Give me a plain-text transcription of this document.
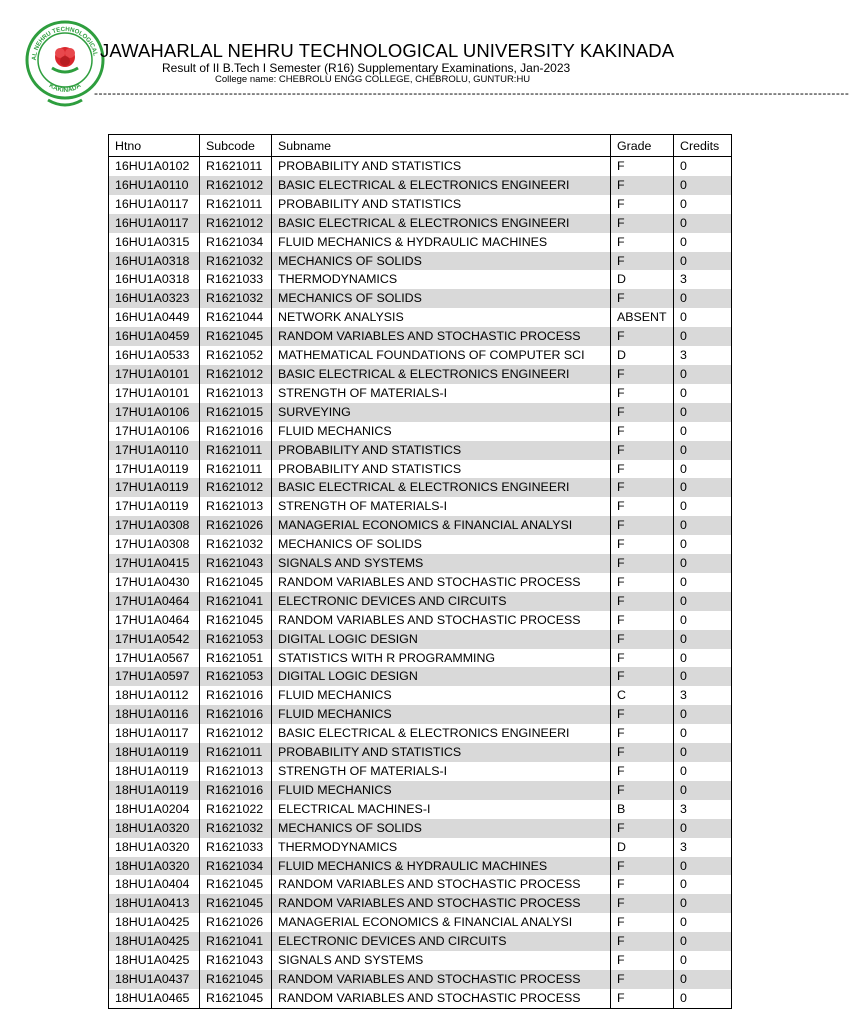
AL NEHRU TECHNOLOGICAL
KAKINADA
JAWAHARLAL NEHRU TECHNOLOGICAL UNIVERSITY KAKINADA
Result of II B.Tech I Semester (R16) Supplementary Examinations, Jan-2023
College name: CHEBROLU ENGG COLLEGE, CHEBROLU, GUNTUR:HU
------------------------------------------------------------------------------------------------------------------------------------------------------------------------
Htno	Subcode	Subname	Grade	Credits
16HU1A0102	R1621011	PROBABILITY AND STATISTICS	F	0
16HU1A0110	R1621012	BASIC ELECTRICAL & ELECTRONICS ENGINEERI	F	0
16HU1A0117	R1621011	PROBABILITY AND STATISTICS	F	0
16HU1A0117	R1621012	BASIC ELECTRICAL & ELECTRONICS ENGINEERI	F	0
16HU1A0315	R1621034	FLUID MECHANICS & HYDRAULIC MACHINES	F	0
16HU1A0318	R1621032	MECHANICS OF SOLIDS	F	0
16HU1A0318	R1621033	THERMODYNAMICS	D	3
16HU1A0323	R1621032	MECHANICS OF SOLIDS	F	0
16HU1A0449	R1621044	NETWORK ANALYSIS	ABSENT	0
16HU1A0459	R1621045	RANDOM VARIABLES AND STOCHASTIC PROCESS	F	0
16HU1A0533	R1621052	MATHEMATICAL FOUNDATIONS OF COMPUTER SCI	D	3
17HU1A0101	R1621012	BASIC ELECTRICAL & ELECTRONICS ENGINEERI	F	0
17HU1A0101	R1621013	STRENGTH OF MATERIALS-I	F	0
17HU1A0106	R1621015	SURVEYING	F	0
17HU1A0106	R1621016	FLUID MECHANICS	F	0
17HU1A0110	R1621011	PROBABILITY AND STATISTICS	F	0
17HU1A0119	R1621011	PROBABILITY AND STATISTICS	F	0
17HU1A0119	R1621012	BASIC ELECTRICAL & ELECTRONICS ENGINEERI	F	0
17HU1A0119	R1621013	STRENGTH OF MATERIALS-I	F	0
17HU1A0308	R1621026	MANAGERIAL ECONOMICS & FINANCIAL ANALYSI	F	0
17HU1A0308	R1621032	MECHANICS OF SOLIDS	F	0
17HU1A0415	R1621043	SIGNALS AND SYSTEMS	F	0
17HU1A0430	R1621045	RANDOM VARIABLES AND STOCHASTIC PROCESS	F	0
17HU1A0464	R1621041	ELECTRONIC DEVICES AND CIRCUITS	F	0
17HU1A0464	R1621045	RANDOM VARIABLES AND STOCHASTIC PROCESS	F	0
17HU1A0542	R1621053	DIGITAL LOGIC DESIGN	F	0
17HU1A0567	R1621051	STATISTICS WITH R PROGRAMMING	F	0
17HU1A0597	R1621053	DIGITAL LOGIC DESIGN	F	0
18HU1A0112	R1621016	FLUID MECHANICS	C	3
18HU1A0116	R1621016	FLUID MECHANICS	F	0
18HU1A0117	R1621012	BASIC ELECTRICAL & ELECTRONICS ENGINEERI	F	0
18HU1A0119	R1621011	PROBABILITY AND STATISTICS	F	0
18HU1A0119	R1621013	STRENGTH OF MATERIALS-I	F	0
18HU1A0119	R1621016	FLUID MECHANICS	F	0
18HU1A0204	R1621022	ELECTRICAL MACHINES-I	B	3
18HU1A0320	R1621032	MECHANICS OF SOLIDS	F	0
18HU1A0320	R1621033	THERMODYNAMICS	D	3
18HU1A0320	R1621034	FLUID MECHANICS & HYDRAULIC MACHINES	F	0
18HU1A0404	R1621045	RANDOM VARIABLES AND STOCHASTIC PROCESS	F	0
18HU1A0413	R1621045	RANDOM VARIABLES AND STOCHASTIC PROCESS	F	0
18HU1A0425	R1621026	MANAGERIAL ECONOMICS & FINANCIAL ANALYSI	F	0
18HU1A0425	R1621041	ELECTRONIC DEVICES AND CIRCUITS	F	0
18HU1A0425	R1621043	SIGNALS AND SYSTEMS	F	0
18HU1A0437	R1621045	RANDOM VARIABLES AND STOCHASTIC PROCESS	F	0
18HU1A0465	R1621045	RANDOM VARIABLES AND STOCHASTIC PROCESS	F	0
